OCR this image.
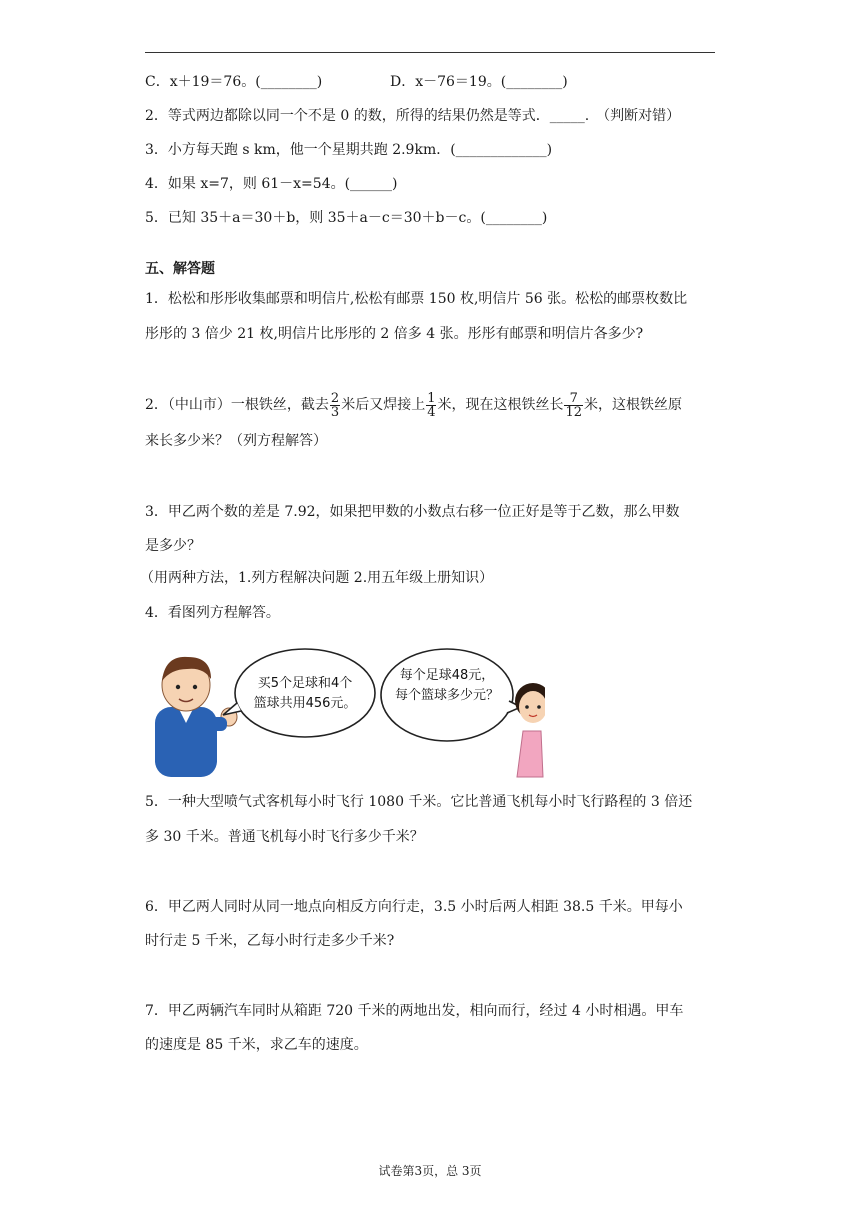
C．x＋19＝76。(________)	D．x－76＝19。(________)
2．等式两边都除以同一个不是 0 的数，所得的结果仍然是等式．_____.　（判断对错）
3．小方每天跑 s km，他一个星期共跑 2.9km．(_____________)
4．如果 x=7，则 61－x=54。(______)
5．已知 35＋a＝30＋b，则 35＋a－c＝30＋b－c。(________)
五、解答题
1．松松和彤彤收集邮票和明信片,松松有邮票 150 枚,明信片 56 张。松松的邮票枚数比
彤彤的 3 倍少 21 枚,明信片比彤彤的 2 倍多 4 张。彤彤有邮票和明信片各多少?
2．（中山市）一根铁丝，截去 $\frac{2}{3}$ 米后又焊接上 $\frac{1}{4}$ 米，现在这根铁丝长 $\frac{7}{12}$ 米，这根铁丝原
来长多少米？（列方程解答）
3．甲乙两个数的差是 7.92，如果把甲数的小数点右移一位正好是等于乙数，那么甲数
是多少？
（用两种方法，1.列方程解决问题 2.用五年级上册知识）
4．看图列方程解答。
买5个足球和4个
篮球共用456元。
每个足球48元，
每个篮球多少元？
5．一种大型喷气式客机每小时飞行 1080 千米。它比普通飞机每小时飞行路程的 3 倍还
多 30 千米。普通飞机每小时飞行多少千米？
6．甲乙两人同时从同一地点向相反方向行走，3.5 小时后两人相距 38.5 千米。甲每小
时行走 5 千米，乙每小时行走多少千米?
7．甲乙两辆汽车同时从箱距 720 千米的两地出发，相向而行，经过 4 小时相遇。甲车
的速度是 85 千米，求乙车的速度。
试卷第3页，总 3页
